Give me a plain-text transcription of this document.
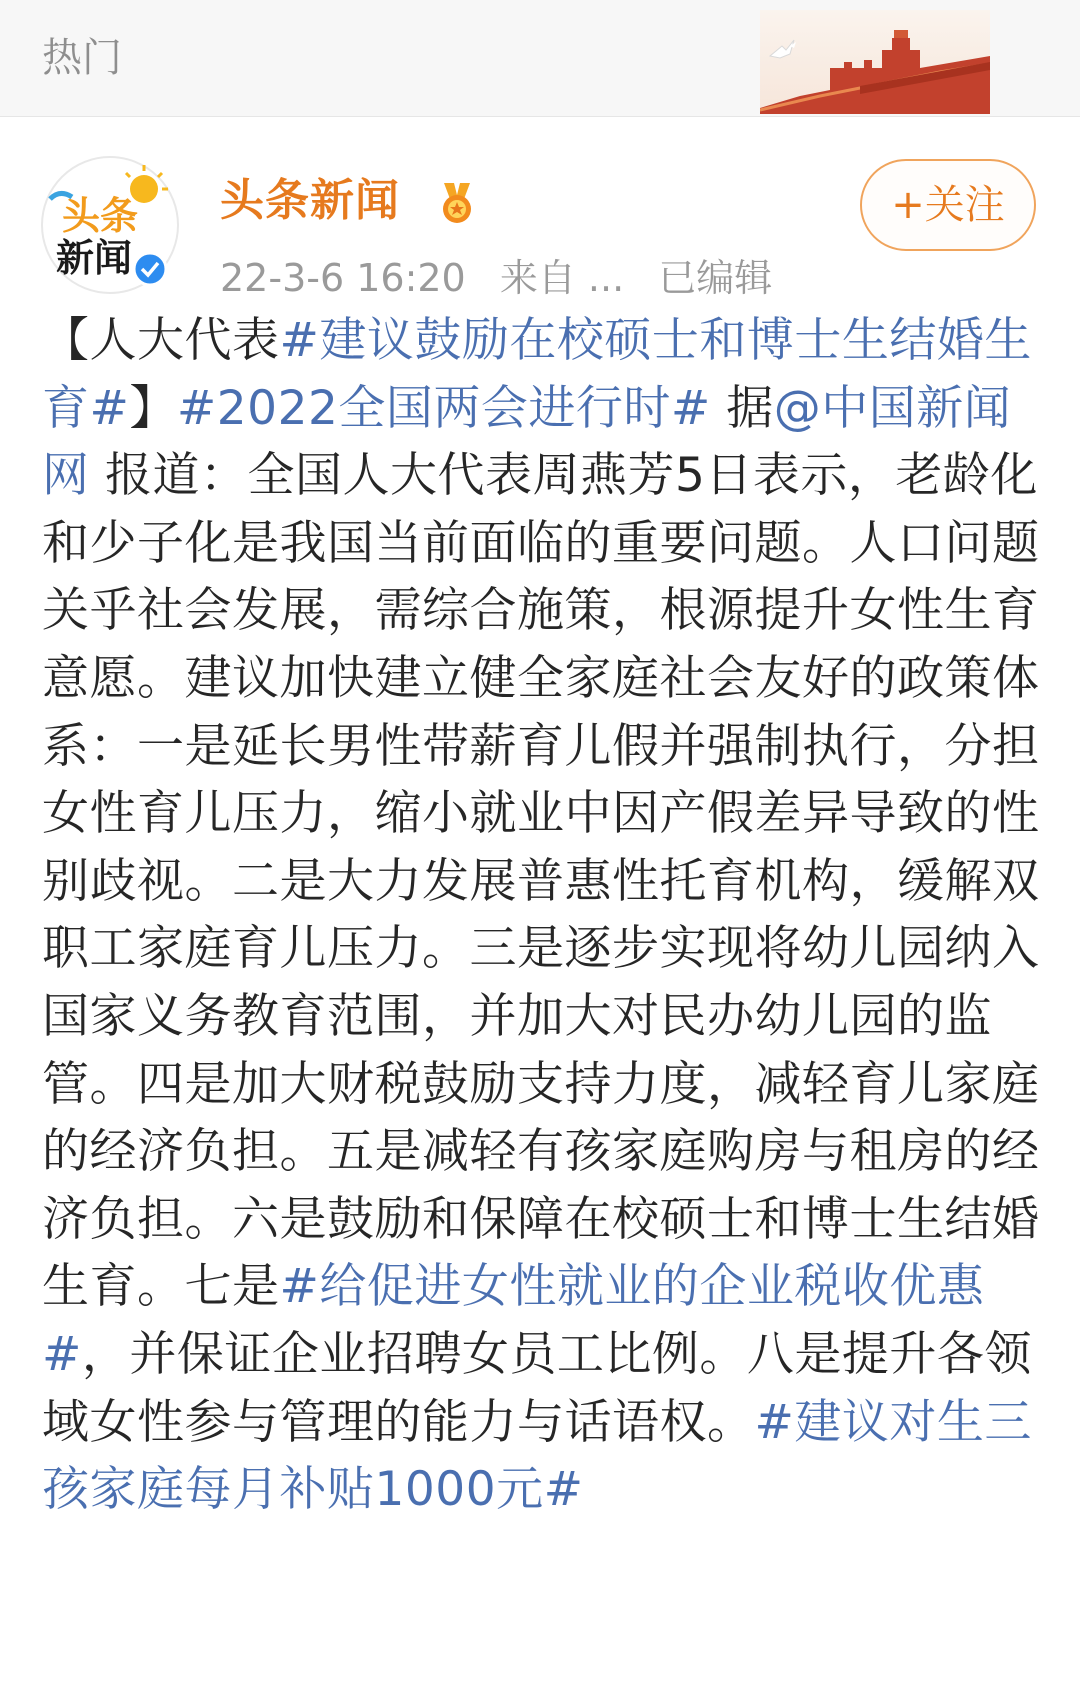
热门
头条
新闻
头条新闻
22-3-6 16:20 来自 ... 已编辑
+关注
【人大代表#建议鼓励在校硕士和博士生结婚生育#】#2022全国两会进行时# 据@中国新闻网 报道：全国人大代表周燕芳5日表示，老龄化和少子化是我国当前面临的重要问题。人口问题关乎社会发展，需综合施策，根源提升女性生育意愿。建议加快建立健全家庭社会友好的政策体系：一是延长男性带薪育儿假并强制执行，分担女性育儿压力，缩小就业中因产假差异导致的性别歧视。二是大力发展普惠性托育机构，缓解双职工家庭育儿压力。三是逐步实现将幼儿园纳入国家义务教育范围，并加大对民办幼儿园的监管。四是加大财税鼓励支持力度，减轻育儿家庭的经济负担。五是减轻有孩家庭购房与租房的经济负担。六是鼓励和保障在校硕士和博士生结婚生育。七是#给促进女性就业的企业税收优惠#，并保证企业招聘女员工比例。八是提升各领域女性参与管理的能力与话语权。#建议对生三孩家庭每月补贴1000元#
